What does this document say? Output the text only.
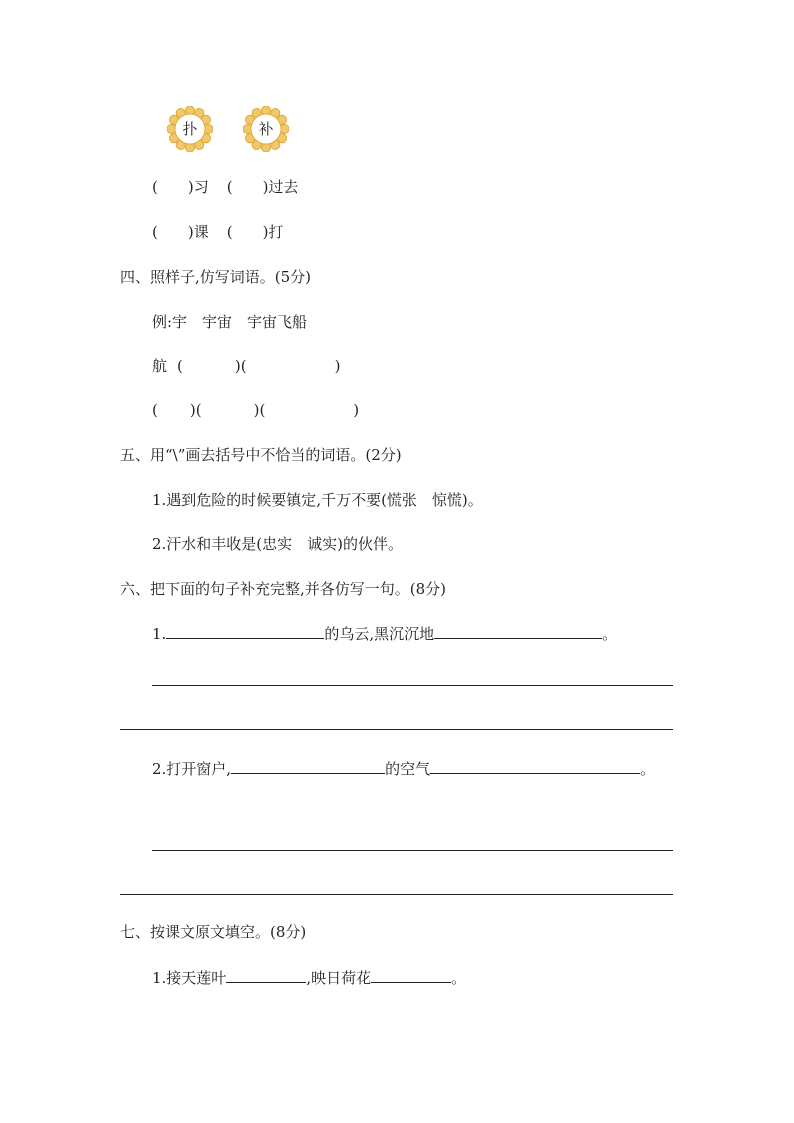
扑	补
( )习 ( )过去
( )课 ( )打
四、照样子,仿写词语。(5分)
例:宇　宇宙　宇宙飞船
航 (	)(	)
( )(	)(	)
五、用“\”画去括号中不恰当的词语。(2分)
1.遇到危险的时候要镇定,千万不要(慌张　惊慌)。
2.汗水和丰收是(忠实　诚实)的伙伴。
六、把下面的句子补充完整,并各仿写一句。(8分)
1.	的乌云,黑沉沉地	。
2.打开窗户,	的空气	。
七、按课文原文填空。(8分)
1.接天莲叶	,映日荷花	。
